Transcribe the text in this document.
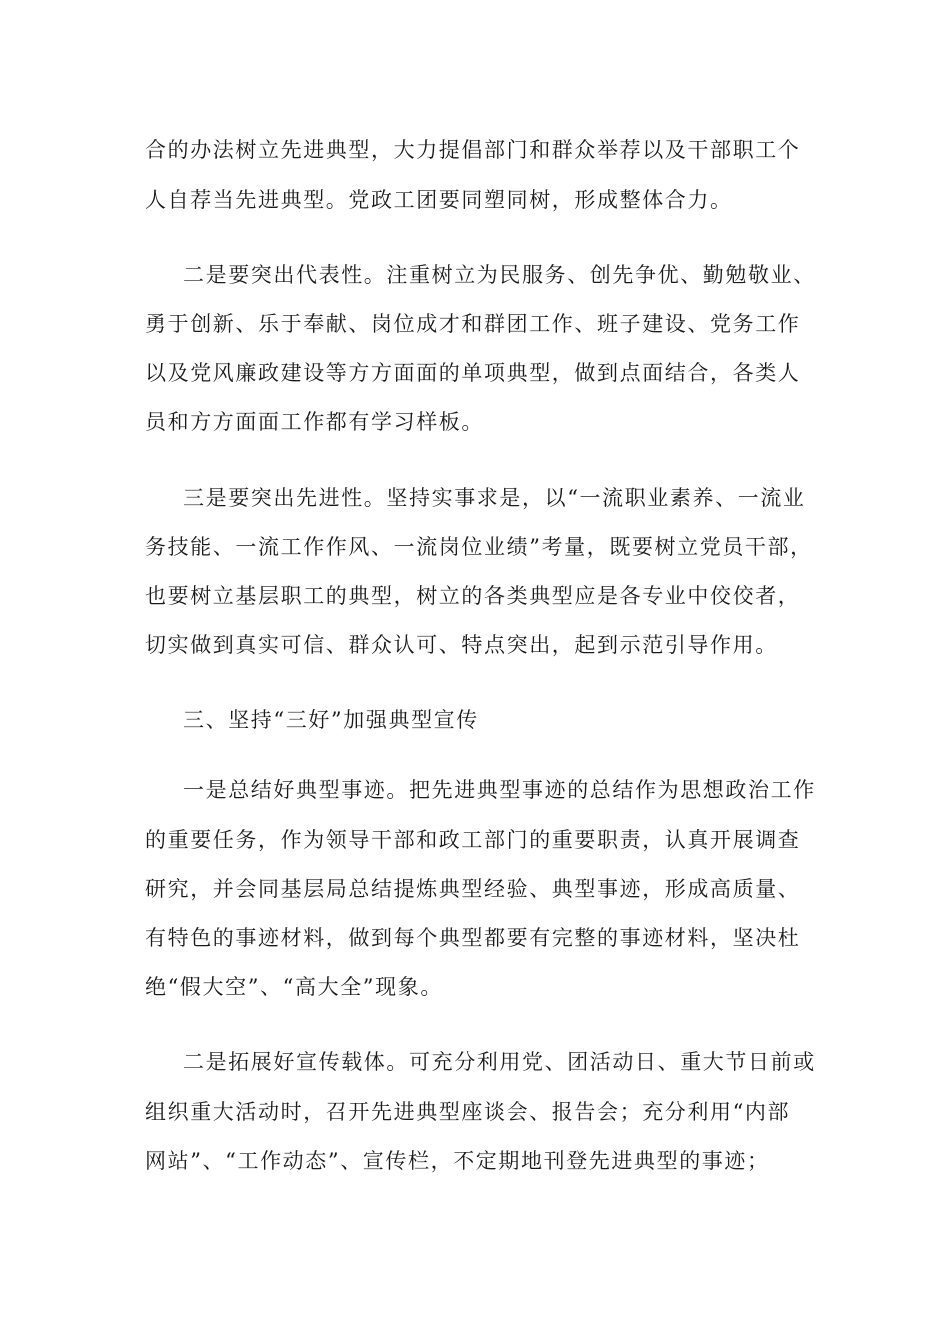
合的办法树立先进典型，大力提倡部门和群众举荐以及干部职工个
人自荐当先进典型。党政工团要同塑同树，形成整体合力。
二是要突出代表性。注重树立为民服务、创先争优、勤勉敬业、
勇于创新、乐于奉献、岗位成才和群团工作、班子建设、党务工作
以及党风廉政建设等方方面面的单项典型，做到点面结合，各类人
员和方方面面工作都有学习样板。
三是要突出先进性。坚持实事求是，以“一流职业素养、一流业
务技能、一流工作作风、一流岗位业绩”考量，既要树立党员干部，
也要树立基层职工的典型，树立的各类典型应是各专业中佼佼者，
切实做到真实可信、群众认可、特点突出，起到示范引导作用。
三、坚持“三好”加强典型宣传
一是总结好典型事迹。把先进典型事迹的总结作为思想政治工作
的重要任务，作为领导干部和政工部门的重要职责，认真开展调查
研究，并会同基层局总结提炼典型经验、典型事迹，形成高质量、
有特色的事迹材料，做到每个典型都要有完整的事迹材料，坚决杜
绝“假大空”、“高大全”现象。
二是拓展好宣传载体。可充分利用党、团活动日、重大节日前或
组织重大活动时，召开先进典型座谈会、报告会；充分利用“内部
网站”、“工作动态”、宣传栏，不定期地刊登先进典型的事迹；
